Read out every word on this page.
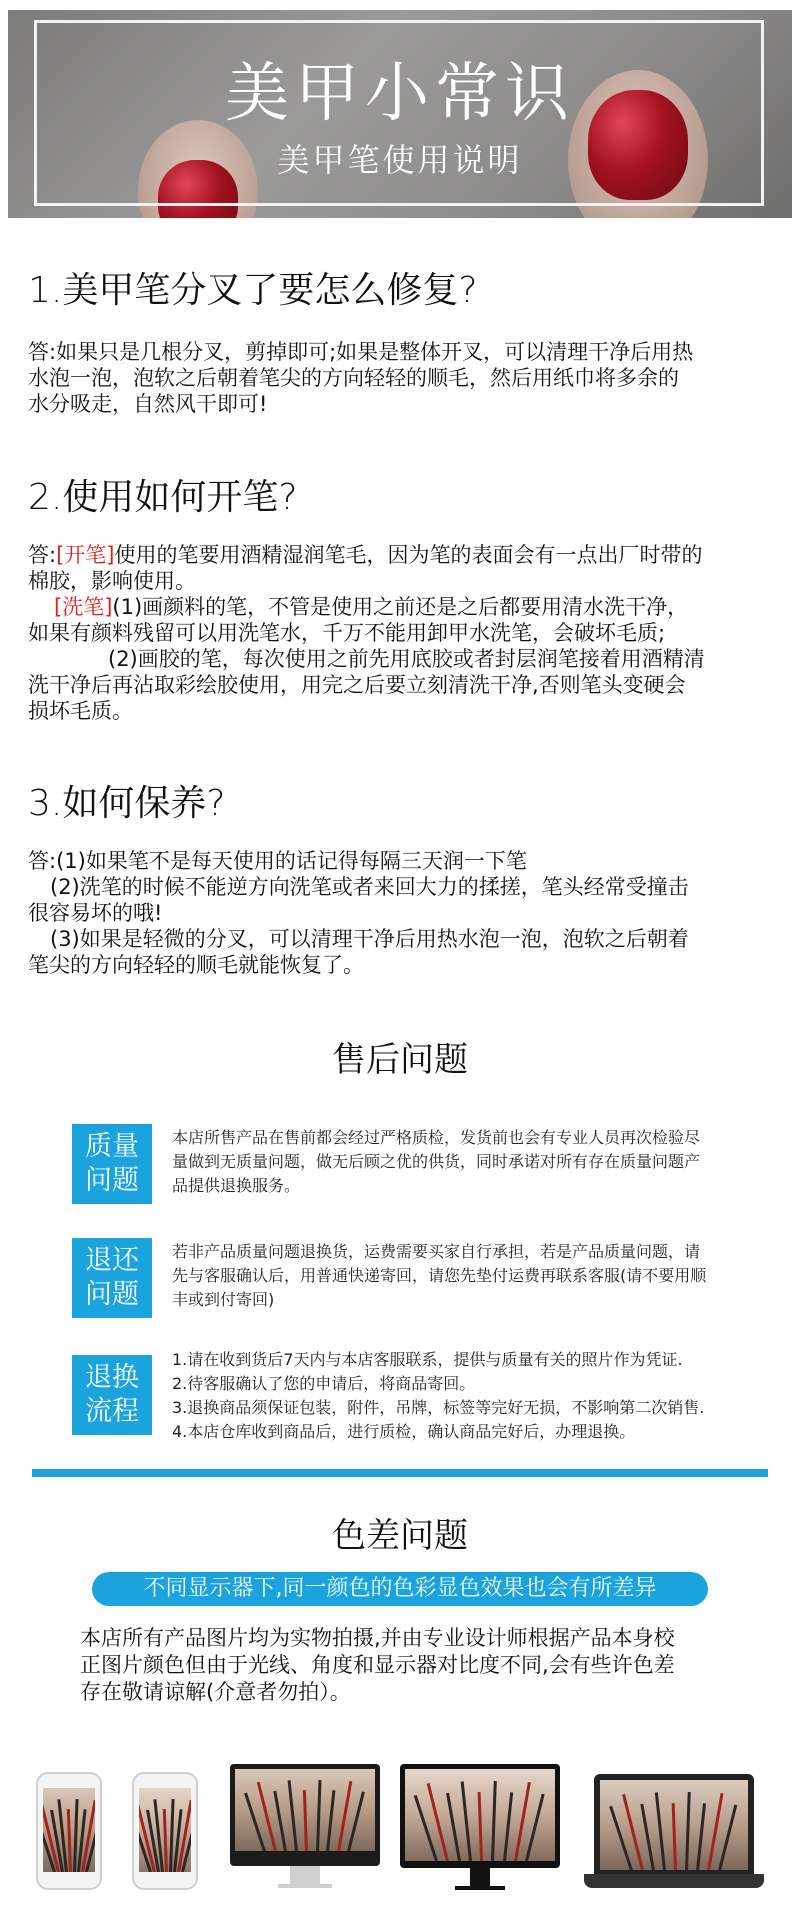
美甲小常识
美甲笔使用说明
1.美甲笔分叉了要怎么修复?

答:如果只是几根分叉，剪掉即可;如果是整体开叉，可以清理干净后用热

水泡一泡，泡软之后朝着笔尖的方向轻轻的顺毛，然后用纸巾将多余的

水分吸走，自然风干即可!

2.使用如何开笔?

答:[开笔]使用的笔要用酒精湿润笔毛，因为笔的表面会有一点出厂时带的

棉胶，影响使用。

[洗笔](1)画颜料的笔，不管是使用之前还是之后都要用清水洗干净，

如果有颜料残留可以用洗笔水，千万不能用卸甲水洗笔，会破坏毛质;

(2)画胶的笔，每次使用之前先用底胶或者封层润笔接着用酒精清

洗干净后再沾取彩绘胶使用，用完之后要立刻清洗干净,否则笔头变硬会

损坏毛质。

3.如何保养?

答:(1)如果笔不是每天使用的话记得每隔三天润一下笔

(2)洗笔的时候不能逆方向洗笔或者来回大力的揉搓，笔头经常受撞击

很容易坏的哦!

(3)如果是轻微的分叉，可以清理干净后用热水泡一泡，泡软之后朝着

笔尖的方向轻轻的顺毛就能恢复了。

售后问题
质量
问题

本店所售产品在售前都会经过严格质检，发货前也会有专业人员再次检验尽

量做到无质量问题，做无后顾之优的供货，同时承诺对所有存在质量问题产

品提供退换服务。

退还
问题

若非产品质量问题退换货，运费需要买家自行承担，若是产品质量问题，请

先与客服确认后，用普通快递寄回，请您先垫付运费再联系客服(请不要用顺

丰或到付寄回)

退换
流程

1.请在收到货后7天内与本店客服联系，提供与质量有关的照片作为凭证.

2.待客服确认了您的申请后，将商品寄回。

3.退换商品须保证包装，附件，吊牌，标签等完好无损，不影响第二次销售.

4.本店仓库收到商品后，进行质检，确认商品完好后，办理退换。

色差问题
不同显示器下,同一颜色的色彩显色效果也会有所差异
本店所有产品图片均为实物拍摄,并由专业设计师根据产品本身校
正图片颜色但由于光线、角度和显示器对比度不同,会有些许色差
存在敬请谅解(介意者勿拍）。
